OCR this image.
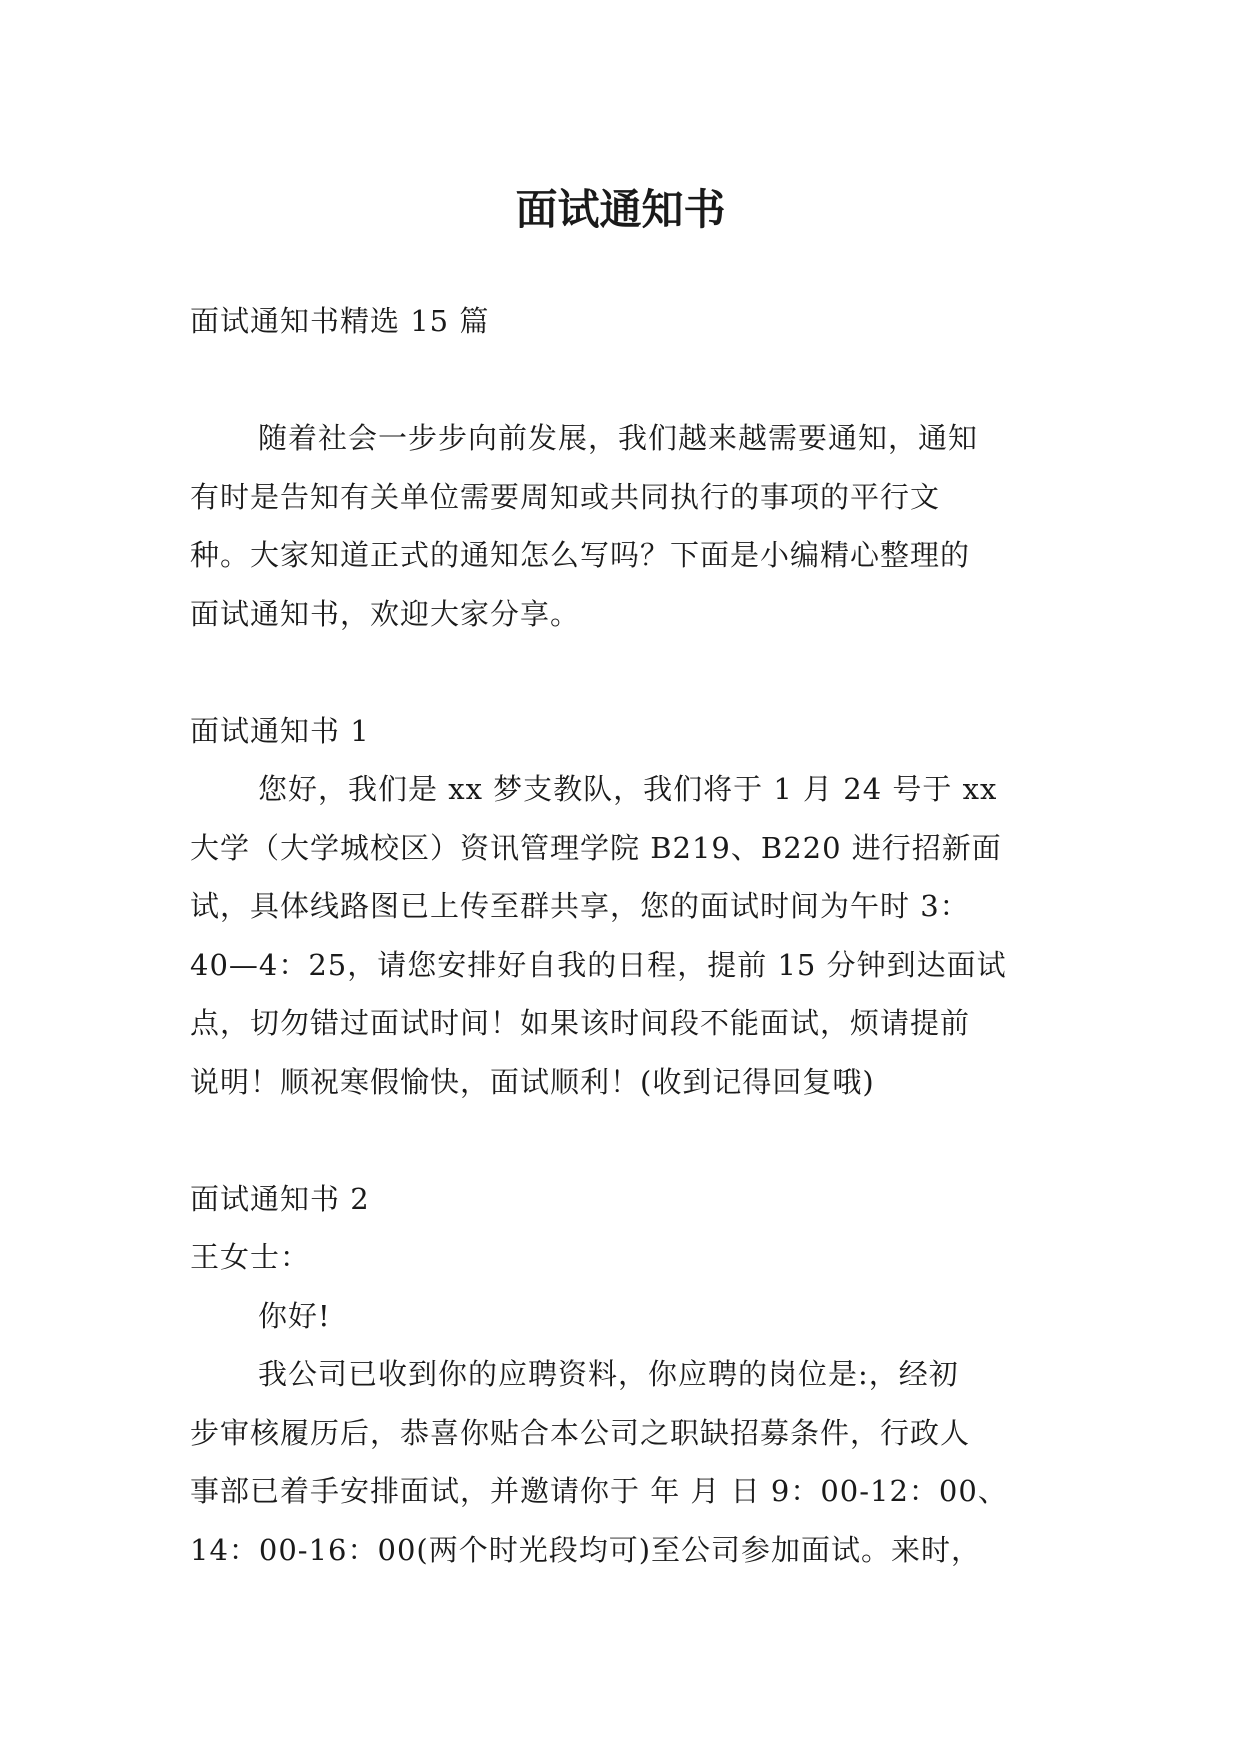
面试通知书

面试通知书精选 15 篇

随着社会一步步向前发展，我们越来越需要通知，通知

有时是告知有关单位需要周知或共同执行的事项的平行文

种。大家知道正式的通知怎么写吗？下面是小编精心整理的

面试通知书，欢迎大家分享。

面试通知书 1

您好，我们是 xx 梦支教队，我们将于 1 月 24 号于 xx

大学（大学城校区）资讯管理学院 B219、B220 进行招新面

试，具体线路图已上传至群共享，您的面试时间为午时 3：

40—4：25，请您安排好自我的日程，提前 15 分钟到达面试

点，切勿错过面试时间！如果该时间段不能面试，烦请提前

说明！顺祝寒假愉快，面试顺利！(收到记得回复哦)

面试通知书 2

王女士：

你好!

我公司已收到你的应聘资料，你应聘的岗位是:，经初

步审核履历后，恭喜你贴合本公司之职缺招募条件，行政人

事部已着手安排面试，并邀请你于 年 月 日 9：00-12：00、

14：00-16：00(两个时光段均可)至公司参加面试。来时，
